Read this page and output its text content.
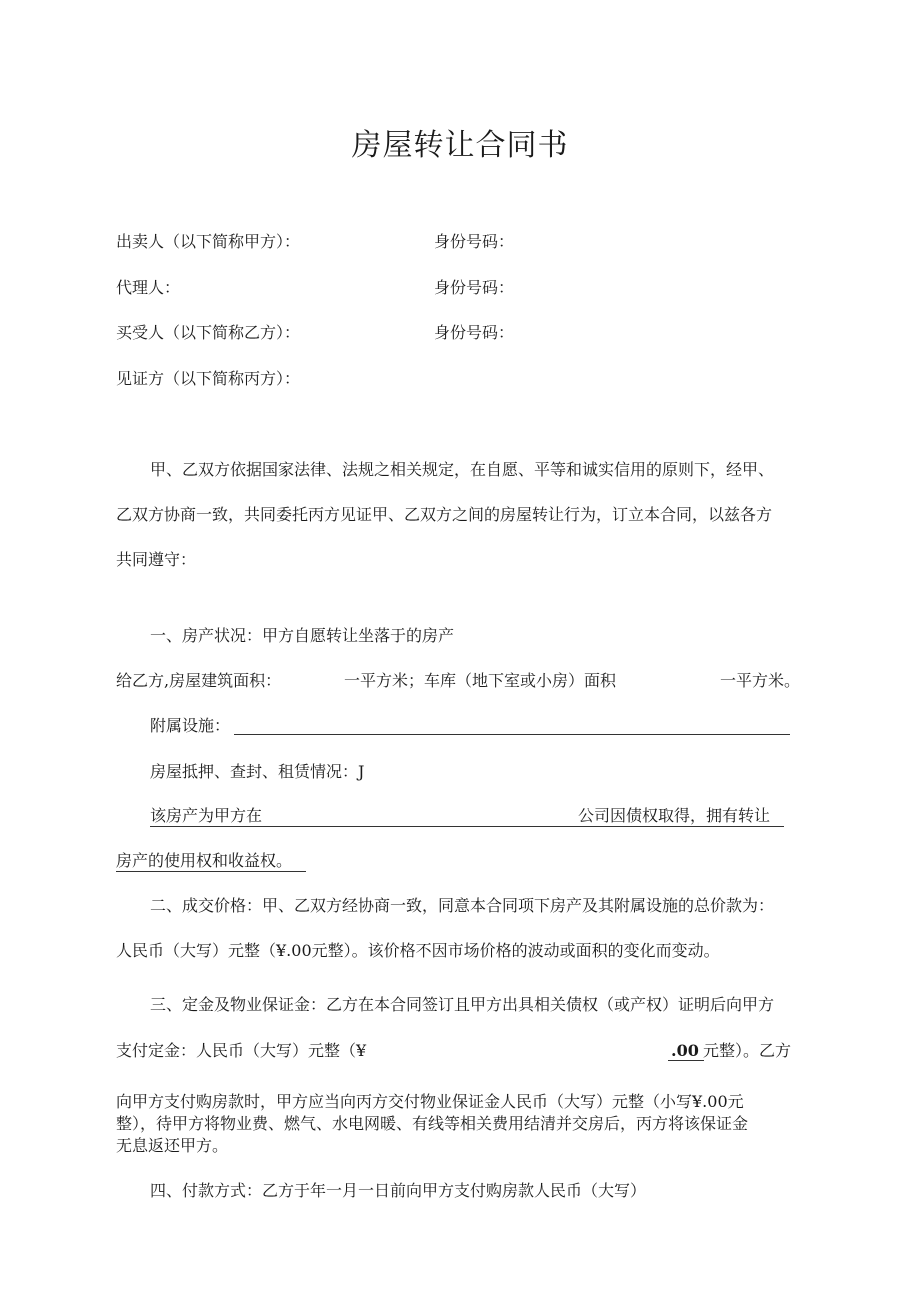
房屋转让合同书
出卖人（以下简称甲方）：	身份号码：
代理人：	身份号码：
买受人（以下简称乙方）：	身份号码：
见证方（以下简称丙方）：
甲、乙双方依据国家法律、法规之相关规定，在自愿、平等和诚实信用的原则下，经甲、
乙双方协商一致，共同委托丙方见证甲、乙双方之间的房屋转让行为，订立本合同，以兹各方
共同遵守：
一、房产状况：甲方自愿转让坐落于的房产
给乙方,房屋建筑面积：	一平方米；车库（地下室或小房）面积	一平方米。
附属设施：
房屋抵押、查封、租赁情况：J
该房产为甲方在	公司因债权取得，拥有转让
房产的使用权和收益权。
二、成交价格：甲、乙双方经协商一致，同意本合同项下房产及其附属设施的总价款为：
人民币（大写）元整（¥.00元整）。该价格不因市场价格的波动或面积的变化而变动。
三、定金及物业保证金：乙方在本合同签订且甲方出具相关债权（或产权）证明后向甲方
支付定金：人民币（大写）元整（¥	.00 元整）。乙方
向甲方支付购房款时，甲方应当向丙方交付物业保证金人民币（大写）元整（小写¥.00元
整），待甲方将物业费、燃气、水电网暖、有线等相关费用结清并交房后，丙方将该保证金
无息返还甲方。
四、付款方式：乙方于年一月一日前向甲方支付购房款人民币（大写）
